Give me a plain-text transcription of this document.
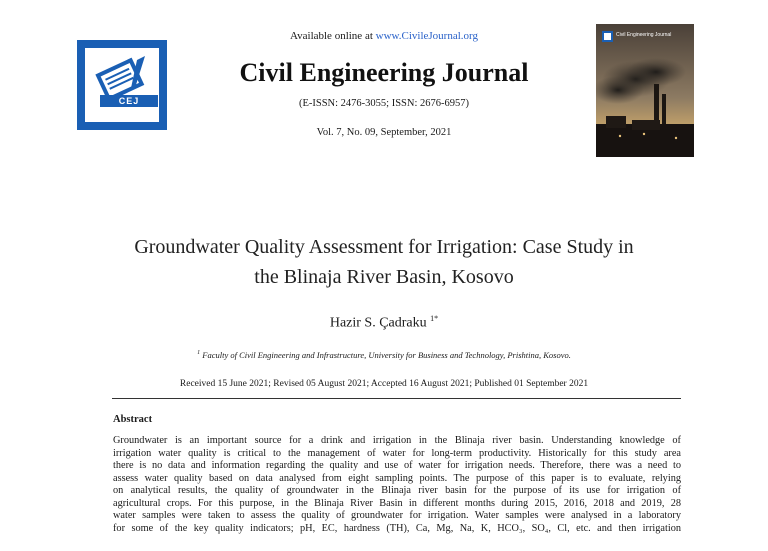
CEJ
Available online at www.CivileJournal.org
Civil Engineering Journal
(E-ISSN: 2476-3055; ISSN: 2676-6957)
Vol. 7, No. 09, September, 2021
Civil Engineering Journal
Groundwater Quality Assessment for Irrigation: Case Study in
the Blinaja River Basin, Kosovo
Hazir S. Çadraku $^{1*}$
$^1$ Faculty of Civil Engineering and Infrastructure, University for Business and Technology, Prishtina, Kosovo.
Received 15 June 2021; Revised 05 August 2021; Accepted 16 August 2021; Published 01 September 2021
Abstract
Groundwater is an important source for a drink and irrigation in the Blinaja river basin. Understanding knowledge of
irrigation water quality is critical to the management of water for long-term productivity. Historically for this study area
there is no data and information regarding the quality and use of water for irrigation needs. Therefore, there was a need to
assess water quality based on data analysed from eight sampling points. The purpose of this paper is to evaluate, relying
on analytical results, the quality of groundwater in the Blinaja river basin for the purpose of its use for irrigation of
agricultural crops. For this purpose, in the Blinaja River Basin in different months during 2015, 2016, 2018 and 2019, 28
water samples were taken to assess the quality of groundwater for irrigation. Water samples were analysed in a laboratory
for some of the key quality indicators; pH, EC, hardness (TH), Ca, Mg, Na, K, HCO₃, SO₄, Cl, etc. and then irrigation
